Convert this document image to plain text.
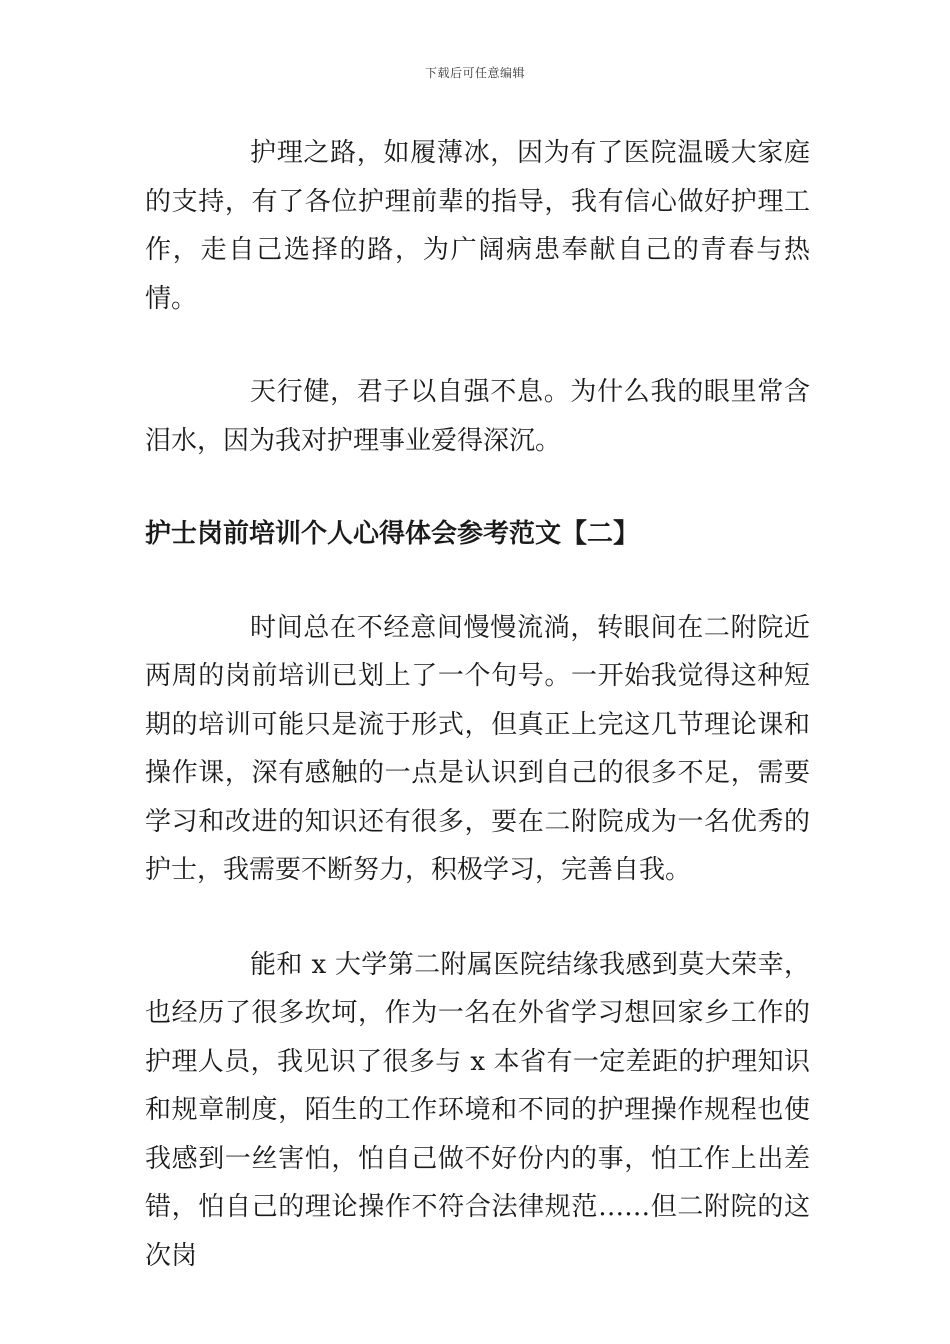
下载后可任意编辑

护理之路，如履薄冰，因为有了医院温暖大家庭的支持，有了各位护理前辈的指导，我有信心做好护理工作，走自己选择的路，为广阔病患奉献自己的青春与热情。

天行健，君子以自强不息。为什么我的眼里常含泪水，因为我对护理事业爱得深沉。

护士岗前培训个人心得体会参考范文【二】

时间总在不经意间慢慢流淌，转眼间在二附院近两周的岗前培训已划上了一个句号。一开始我觉得这种短期的培训可能只是流于形式，但真正上完这几节理论课和操作课，深有感触的一点是认识到自己的很多不足，需要学习和改进的知识还有很多，要在二附院成为一名优秀的护士，我需要不断努力，积极学习，完善自我。

能和 x 大学第二附属医院结缘我感到莫大荣幸，也经历了很多坎坷，作为一名在外省学习想回家乡工作的护理人员，我见识了很多与 x 本省有一定差距的护理知识和规章制度，陌生的工作环境和不同的护理操作规程也使我感到一丝害怕，怕自己做不好份内的事，怕工作上出差错，怕自己的理论操作不符合法律规范……但二附院的这次岗
